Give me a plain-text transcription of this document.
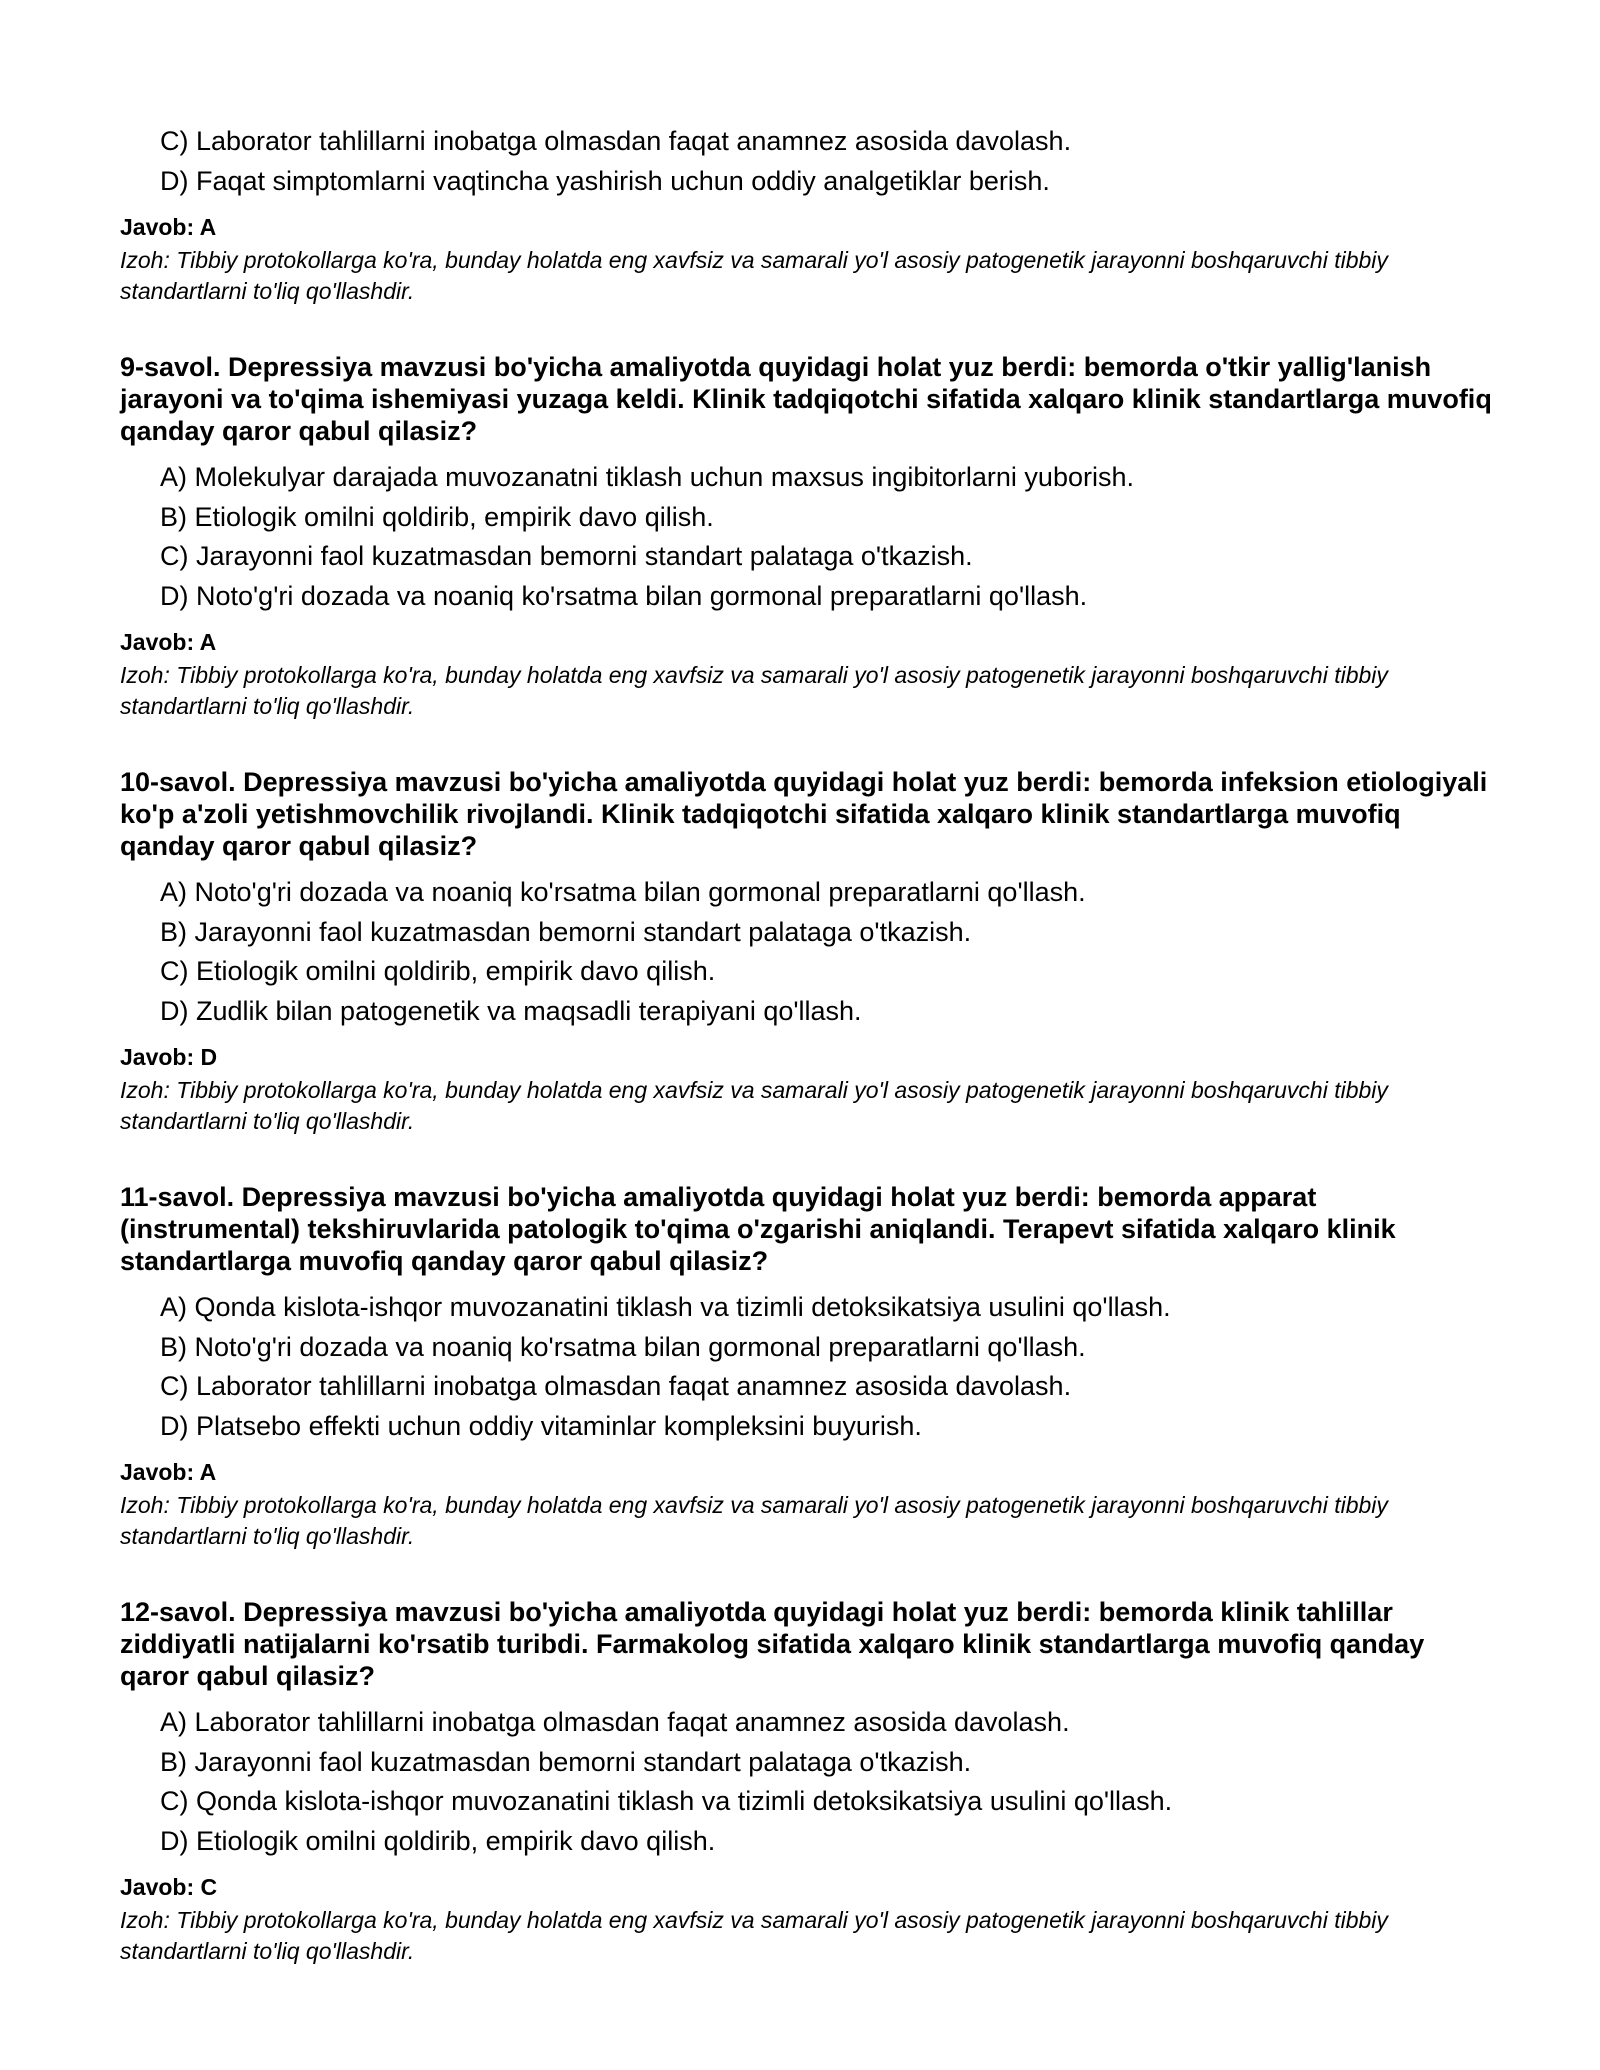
C) Laborator tahlillarni inobatga olmasdan faqat anamnez asosida davolash.
D) Faqat simptomlarni vaqtincha yashirish uchun oddiy analgetiklar berish.
Javob: A
Izoh: Tibbiy protokollarga ko'ra, bunday holatda eng xavfsiz va samarali yo'l asosiy patogenetik jarayonni boshqaruvchi tibbiy standartlarni to'liq qo'llashdir.
9-savol. Depressiya mavzusi bo'yicha amaliyotda quyidagi holat yuz berdi: bemorda o'tkir yallig'lanish jarayoni va to'qima ishemiyasi yuzaga keldi. Klinik tadqiqotchi sifatida xalqaro klinik standartlarga muvofiq qanday qaror qabul qilasiz?
A) Molekulyar darajada muvozanatni tiklash uchun maxsus ingibitorlarni yuborish.
B) Etiologik omilni qoldirib, empirik davo qilish.
C) Jarayonni faol kuzatmasdan bemorni standart palataga o'tkazish.
D) Noto'g'ri dozada va noaniq ko'rsatma bilan gormonal preparatlarni qo'llash.
Javob: A
Izoh: Tibbiy protokollarga ko'ra, bunday holatda eng xavfsiz va samarali yo'l asosiy patogenetik jarayonni boshqaruvchi tibbiy standartlarni to'liq qo'llashdir.
10-savol. Depressiya mavzusi bo'yicha amaliyotda quyidagi holat yuz berdi: bemorda infeksion etiologiyali ko'p a'zoli yetishmovchilik rivojlandi. Klinik tadqiqotchi sifatida xalqaro klinik standartlarga muvofiq qanday qaror qabul qilasiz?
A) Noto'g'ri dozada va noaniq ko'rsatma bilan gormonal preparatlarni qo'llash.
B) Jarayonni faol kuzatmasdan bemorni standart palataga o'tkazish.
C) Etiologik omilni qoldirib, empirik davo qilish.
D) Zudlik bilan patogenetik va maqsadli terapiyani qo'llash.
Javob: D
Izoh: Tibbiy protokollarga ko'ra, bunday holatda eng xavfsiz va samarali yo'l asosiy patogenetik jarayonni boshqaruvchi tibbiy standartlarni to'liq qo'llashdir.
11-savol. Depressiya mavzusi bo'yicha amaliyotda quyidagi holat yuz berdi: bemorda apparat (instrumental) tekshiruvlarida patologik to'qima o'zgarishi aniqlandi. Terapevt sifatida xalqaro klinik standartlarga muvofiq qanday qaror qabul qilasiz?
A) Qonda kislota-ishqor muvozanatini tiklash va tizimli detoksikatsiya usulini qo'llash.
B) Noto'g'ri dozada va noaniq ko'rsatma bilan gormonal preparatlarni qo'llash.
C) Laborator tahlillarni inobatga olmasdan faqat anamnez asosida davolash.
D) Platsebo effekti uchun oddiy vitaminlar kompleksini buyurish.
Javob: A
Izoh: Tibbiy protokollarga ko'ra, bunday holatda eng xavfsiz va samarali yo'l asosiy patogenetik jarayonni boshqaruvchi tibbiy standartlarni to'liq qo'llashdir.
12-savol. Depressiya mavzusi bo'yicha amaliyotda quyidagi holat yuz berdi: bemorda klinik tahlillar ziddiyatli natijalarni ko'rsatib turibdi. Farmakolog sifatida xalqaro klinik standartlarga muvofiq qanday qaror qabul qilasiz?
A) Laborator tahlillarni inobatga olmasdan faqat anamnez asosida davolash.
B) Jarayonni faol kuzatmasdan bemorni standart palataga o'tkazish.
C) Qonda kislota-ishqor muvozanatini tiklash va tizimli detoksikatsiya usulini qo'llash.
D) Etiologik omilni qoldirib, empirik davo qilish.
Javob: C
Izoh: Tibbiy protokollarga ko'ra, bunday holatda eng xavfsiz va samarali yo'l asosiy patogenetik jarayonni boshqaruvchi tibbiy standartlarni to'liq qo'llashdir.
